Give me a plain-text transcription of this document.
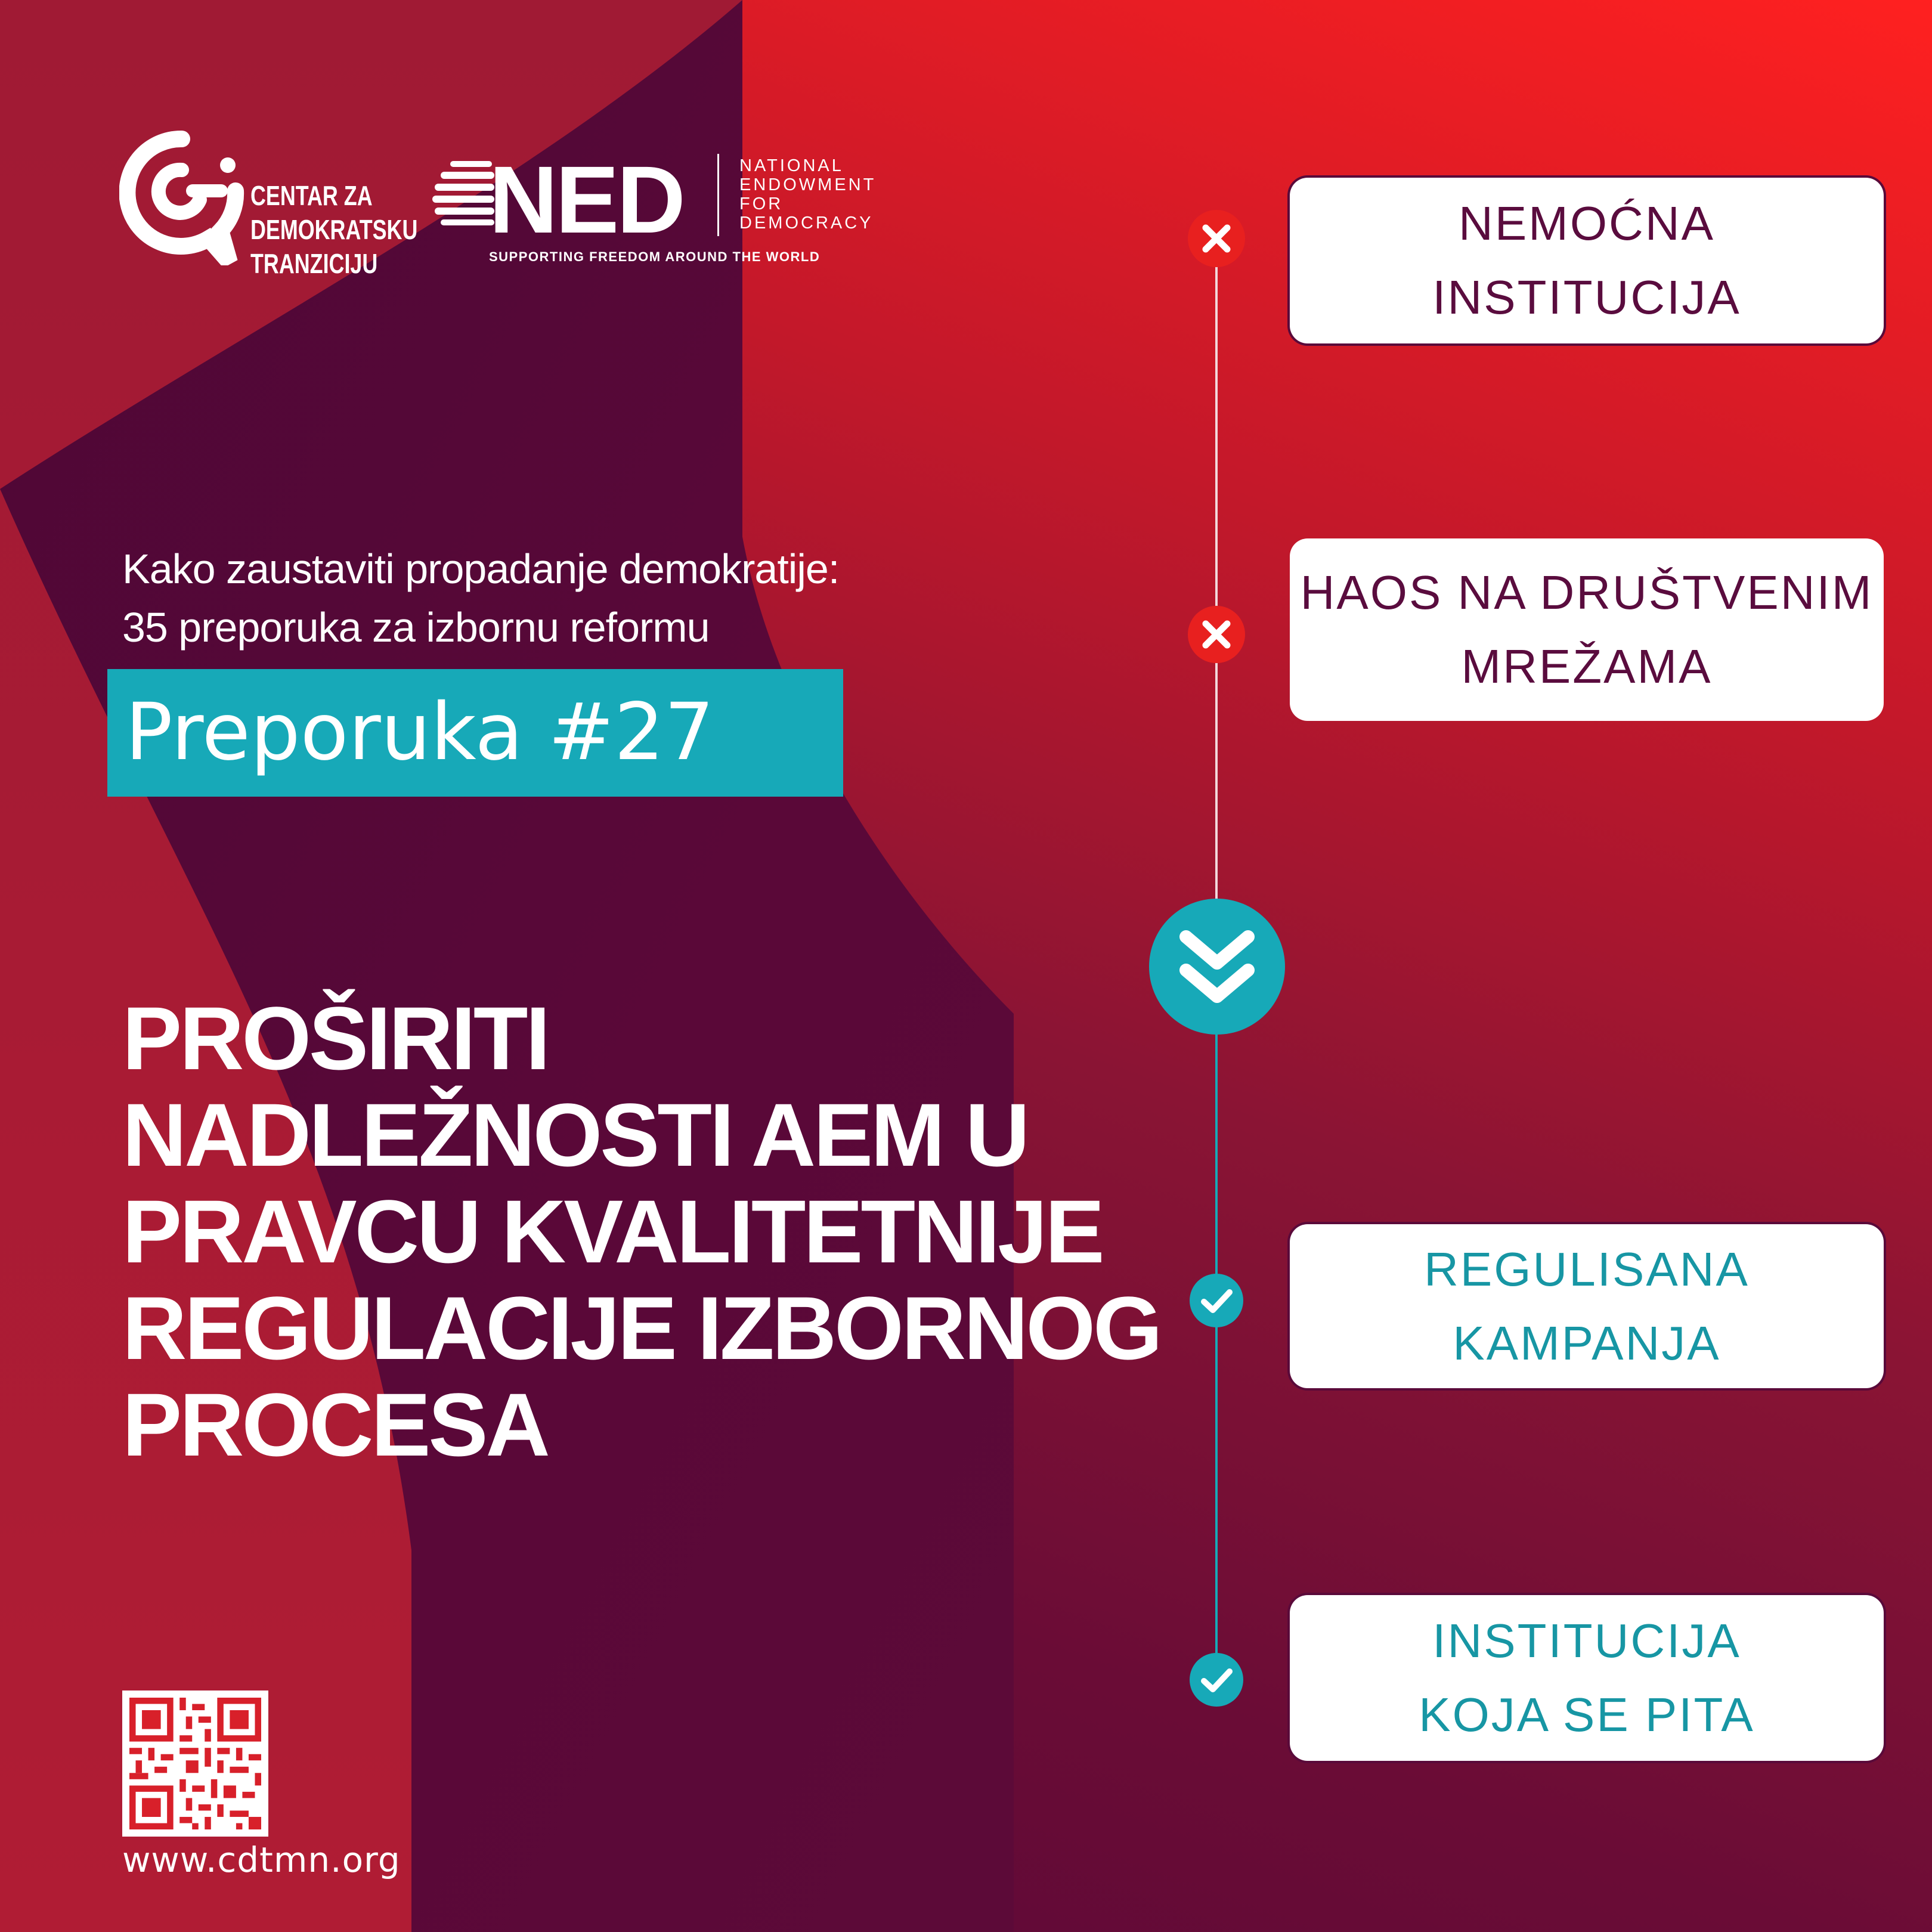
CENTAR ZA
DEMOKRATSKU
TRANZICIJU
NED	NATIONAL
ENDOWMENT
FOR
DEMOCRACY
SUPPORTING FREEDOM AROUND THE WORLD
Kako zaustaviti propadanje demokratije:
35 preporuka za izbornu reformu
Preporuka #27
PROŠIRITI
NADLEŽNOSTI AEM U
PRAVCU KVALITETNIJE
REGULACIJE IZBORNOG
PROCESA
www.cdtmn.org
NEMOĆNA
INSTITUCIJA
HAOS NA DRUŠTVENIM
MREŽAMA
REGULISANA
KAMPANJA
INSTITUCIJA
KOJA SE PITA
